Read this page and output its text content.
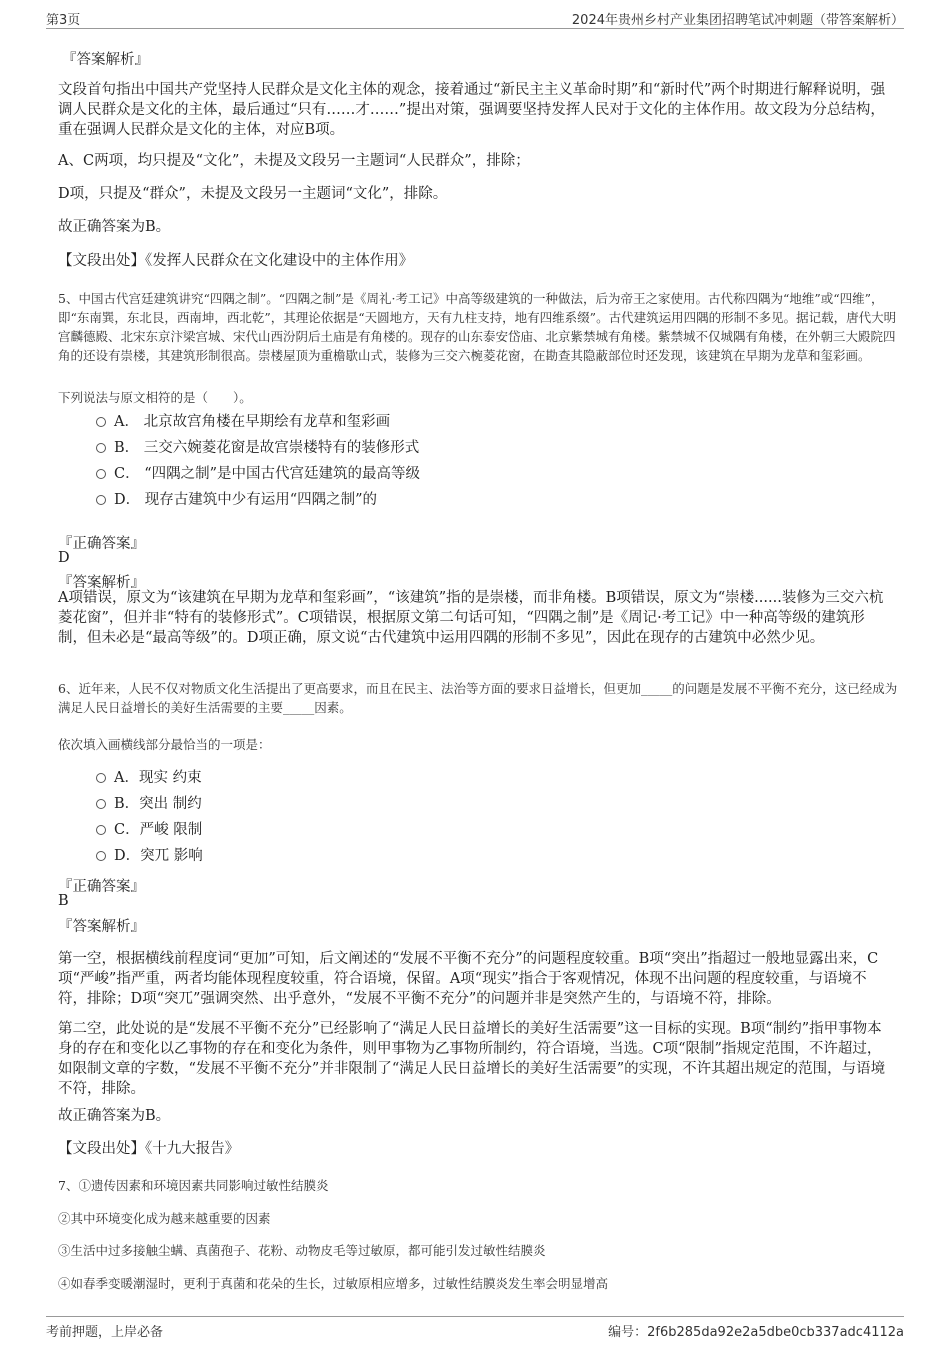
第3页	2024年贵州乡村产业集团招聘笔试冲刺题（带答案解析）

『答案解析』

文段首句指出中国共产党坚持人民群众是文化主体的观念，接着通过“新民主主义革命时期”和“新时代”两个时期进行解释说明，强调人民群众是文化的主体，最后通过“只有……才……”提出对策，强调要坚持发挥人民对于文化的主体作用。故文段为分总结构，重在强调人民群众是文化的主体，对应B项。

A、C两项，均只提及“文化”，未提及文段另一主题词“人民群众”，排除；

D项，只提及“群众”，未提及文段另一主题词“文化”，排除。

故正确答案为B。

【文段出处】《发挥人民群众在文化建设中的主体作用》

5、中国古代宫廷建筑讲究“四隅之制”。“四隅之制”是《周礼·考工记》中高等级建筑的一种做法，后为帝王之家使用。古代称四隅为“地维”或“四维”，即“东南巽，东北艮，西南坤，西北乾”，其理论依据是“天圆地方，天有九柱支持，地有四维系缀”。古代建筑运用四隅的形制不多见。据记载，唐代大明宫麟德殿、北宋东京汴梁宫城、宋代山西汾阴后土庙是有角楼的。现存的山东泰安岱庙、北京紫禁城有角楼。紫禁城不仅城隅有角楼，在外朝三大殿院四角的还设有崇楼，其建筑形制很高。崇楼屋顶为重檐歇山式，装修为三交六椀菱花窗，在勘查其隐蔽部位时还发现，该建筑在早期为龙草和玺彩画。

下列说法与原文相符的是（　　）。

A． 北京故宫角楼在早期绘有龙草和玺彩画
B． 三交六婉菱花窗是故宫崇楼特有的装修形式
C． “四隅之制”是中国古代宫廷建筑的最高等级
D． 现存古建筑中少有运用“四隅之制”的

『正确答案』

D

『答案解析』

A项错误，原文为“该建筑在早期为龙草和玺彩画”，“该建筑”指的是崇楼，而非角楼。B项错误，原文为“崇楼......装修为三交六杭菱花窗”，但并非“特有的装修形式”。C项错误，根据原文第二句话可知，“四隅之制”是《周记·考工记》中一种高等级的建筑形制，但未必是“最高等级”的。D项正确，原文说“古代建筑中运用四隅的形制不多见”，因此在现存的古建筑中必然少见。

6、近年来，人民不仅对物质文化生活提出了更高要求，而且在民主、法治等方面的要求日益增长，但更加_____的问题是发展不平衡不充分，这已经成为满足人民日益增长的美好生活需要的主要_____因素。

依次填入画横线部分最恰当的一项是：

A．现实 约束
B．突出 制约
C．严峻 限制
D．突兀 影响

『正确答案』

B

『答案解析』

第一空，根据横线前程度词“更加”可知，后文阐述的“发展不平衡不充分”的问题程度较重。B项“突出”指超过一般地显露出来，C项“严峻”指严重，两者均能体现程度较重，符合语境，保留。A项“现实”指合于客观情况，体现不出问题的程度较重，与语境不符，排除；D项“突兀”强调突然、出乎意外，“发展不平衡不充分”的问题并非是突然产生的，与语境不符，排除。

第二空，此处说的是“发展不平衡不充分”已经影响了“满足人民日益增长的美好生活需要”这一目标的实现。B项“制约”指甲事物本身的存在和变化以乙事物的存在和变化为条件，则甲事物为乙事物所制约，符合语境，当选。C项“限制”指规定范围，不许超过，如限制文章的字数，“发展不平衡不充分”并非限制了“满足人民日益增长的美好生活需要”的实现，不许其超出规定的范围，与语境不符，排除。

故正确答案为B。

【文段出处】《十九大报告》

7、①遗传因素和环境因素共同影响过敏性结膜炎

②其中环境变化成为越来越重要的因素

③生活中过多接触尘螨、真菌孢子、花粉、动物皮毛等过敏原，都可能引发过敏性结膜炎

④如春季变暖潮湿时，更利于真菌和花朵的生长，过敏原相应增多，过敏性结膜炎发生率会明显增高

考前押题，上岸必备	编号：2f6b285da92e2a5dbe0cb337adc4112a
